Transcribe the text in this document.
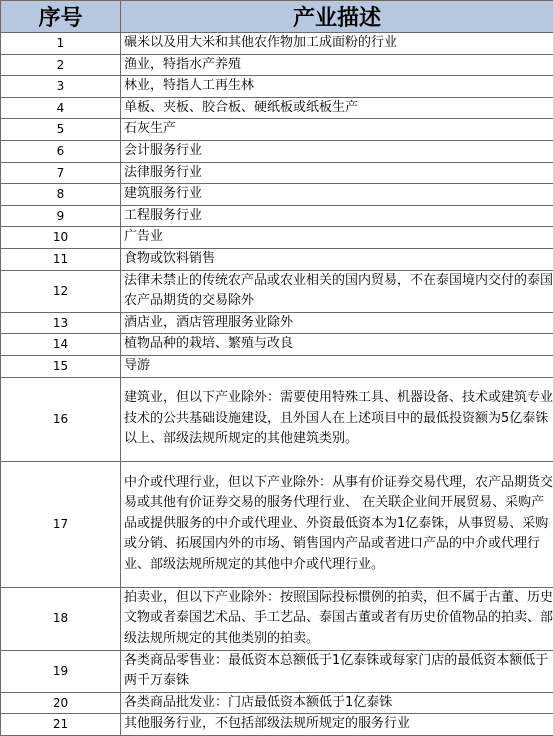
序号	产业描述
1	碾米以及用大米和其他农作物加工成面粉的行业
2	渔业，特指水产养殖
3	林业，特指人工再生林
4	单板、夹板、胶合板、硬纸板或纸板生产
5	石灰生产
6	会计服务行业
7	法律服务行业
8	建筑服务行业
9	工程服务行业
10	广告业
11	食物或饮料销售
12	法律未禁止的传统农产品或农业相关的国内贸易，不在泰国境内交付的泰国农产品期货的交易除外
13	酒店业，酒店管理服务业除外
14	植物品种的栽培、繁殖与改良
15	导游
16	建筑业，但以下产业除外：需要使用特殊工具、机器设备、技术或建筑专业技术的公共基础设施建设，且外国人在上述项目中的最低投资额为5亿泰铢以上、部级法规所规定的其他建筑类别。
17	中介或代理行业，但以下产业除外：从事有价证券交易代理，农产品期货交易或其他有价证券交易的服务代理行业、 在关联企业间开展贸易、采购产品或提供服务的中介或代理业、外资最低资本为1亿泰铢，从事贸易、采购或分销、拓展国内外的市场、销售国内产品或者进口产品的中介或代理行业、部级法规所规定的其他中介或代理行业。
18	拍卖业，但以下产业除外：按照国际投标惯例的拍卖，但不属于古董、历史文物或者泰国艺术品、手工艺品、泰国古董或者有历史价值物品的拍卖、部级法规所规定的其他类别的拍卖。
19	各类商品零售业：最低资本总额低于1亿泰铢或每家门店的最低资本额低于两千万泰铢
20	各类商品批发业：门店最低资本额低于1亿泰铢
21	其他服务行业，不包括部级法规所规定的服务行业
